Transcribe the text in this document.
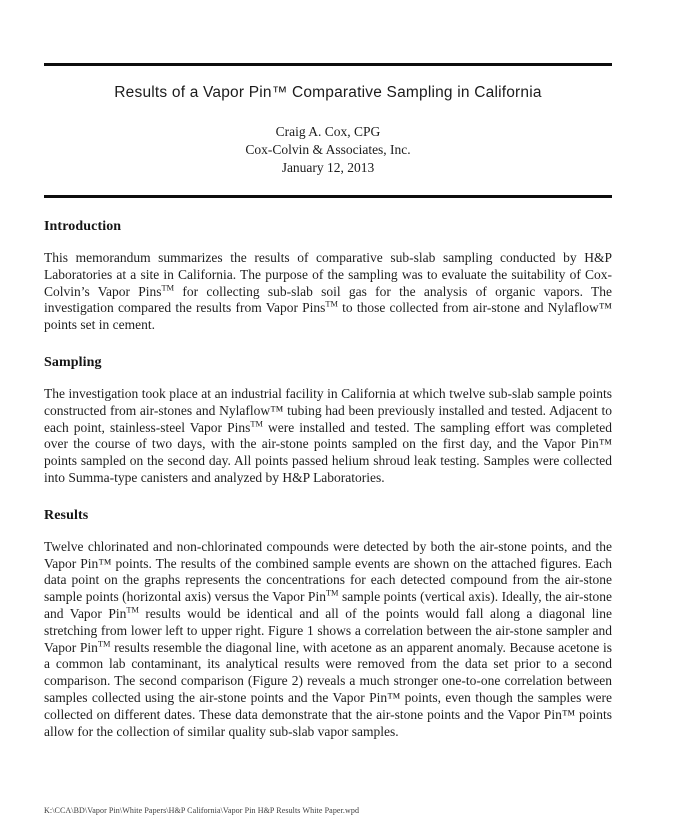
Results of a Vapor Pin™ Comparative Sampling in California
Craig A. Cox, CPG
Cox-Colvin & Associates, Inc.
January 12, 2013
Introduction

This memorandum summarizes the results of comparative sub-slab sampling conducted by H&P Laboratories at a site in California. The purpose of the sampling was to evaluate the suitability of Cox-Colvin’s Vapor Pins™ for collecting sub-slab soil gas for the analysis of organic vapors. The investigation compared the results from Vapor Pins™ to those collected from air-stone and Nylaflow™ points set in cement.

Sampling

The investigation took place at an industrial facility in California at which twelve sub-slab sample points constructed from air-stones and Nylaflow™ tubing had been previously installed and tested. Adjacent to each point, stainless-steel Vapor Pins™ were installed and tested. The sampling effort was completed over the course of two days, with the air-stone points sampled on the first day, and the Vapor Pin™ points sampled on the second day. All points passed helium shroud leak testing. Samples were collected into Summa-type canisters and analyzed by H&P Laboratories.

Results

Twelve chlorinated and non-chlorinated compounds were detected by both the air-stone points, and the Vapor Pin™ points. The results of the combined sample events are shown on the attached figures. Each data point on the graphs represents the concentrations for each detected compound from the air-stone sample points (horizontal axis) versus the Vapor Pin™ sample points (vertical axis). Ideally, the air-stone and Vapor Pin™ results would be identical and all of the points would fall along a diagonal line stretching from lower left to upper right. Figure 1 shows a correlation between the air-stone sampler and Vapor Pin™ results resemble the diagonal line, with acetone as an apparent anomaly. Because acetone is a common lab contaminant, its analytical results were removed from the data set prior to a second comparison. The second comparison (Figure 2) reveals a much stronger one-to-one correlation between samples collected using the air-stone points and the Vapor Pin™ points, even though the samples were collected on different dates. These data demonstrate that the air-stone points and the Vapor Pin™ points allow for the collection of similar quality sub-slab vapor samples.

K:\CCA\BD\Vapor Pin\White Papers\H&P California\Vapor Pin H&P Results White Paper.wpd
